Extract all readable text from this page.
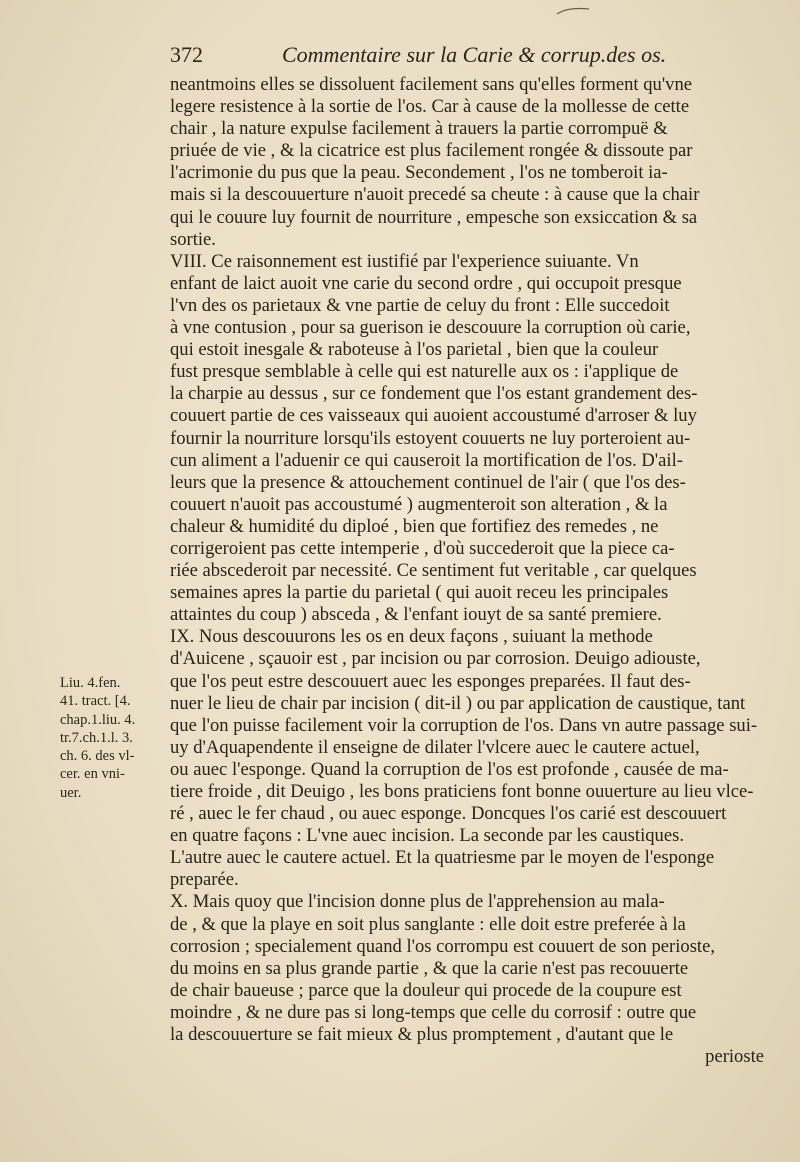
372	Commentaire sur la Carie & corrup.des os.
Liu. 4.fen.
41. tract. [4.
chap.1.liu. 4.
tr.7.ch.1.l. 3.
ch. 6. des vl-
cer. en vni-
uer.
neantmoins elles se dissoluent facilement sans qu'elles forment qu'vne
legere resistence à la sortie de l'os. Car à cause de la mollesse de cette
chair , la nature expulse facilement à trauers la partie corrompuë &
priuée de vie , & la cicatrice est plus facilement rongée & dissoute par
l'acrimonie du pus que la peau. Secondement , l'os ne tomberoit ia-
mais si la descouuerture n'auoit precedé sa cheute : à cause que la chair
qui le couure luy fournit de nourriture , empesche son exsiccation & sa
sortie.
VIII. Ce raisonnement est iustifié par l'experience suiuante. Vn
enfant de laict auoit vne carie du second ordre , qui occupoit presque
l'vn des os parietaux & vne partie de celuy du front : Elle succedoit
à vne contusion , pour sa guerison ie descouure la corruption où carie,
qui estoit inesgale & raboteuse à l'os parietal , bien que la couleur
fust presque semblable à celle qui est naturelle aux os : i'applique de
la charpie au dessus , sur ce fondement que l'os estant grandement des-
couuert partie de ces vaisseaux qui auoient accoustumé d'arroser & luy
fournir la nourriture lorsqu'ils estoyent couuerts ne luy porteroient au-
cun aliment a l'aduenir ce qui causeroit la mortification de l'os. D'ail-
leurs que la presence & attouchement continuel de l'air ( que l'os des-
couuert n'auoit pas accoustumé ) augmenteroit son alteration , & la
chaleur & humidité du diploé , bien que fortifiez des remedes , ne
corrigeroient pas cette intemperie , d'où succederoit que la piece ca-
riée abscederoit par necessité. Ce sentiment fut veritable , car quelques
semaines apres la partie du parietal ( qui auoit receu les principales
attaintes du coup ) absceda , & l'enfant iouyt de sa santé premiere.
IX. Nous descouurons les os en deux façons , suiuant la methode
d'Auicene , sçauoir est , par incision ou par corrosion. Deuigo adiouste,
que l'os peut estre descouuert auec les esponges preparées. Il faut des-
nuer le lieu de chair par incision ( dit-il ) ou par application de caustique, tant
que l'on puisse facilement voir la corruption de l'os. Dans vn autre passage sui-
uy d'Aquapendente il enseigne de dilater l'vlcere auec le cautere actuel,
ou auec l'esponge. Quand la corruption de l'os est profonde , causée de ma-
tiere froide , dit Deuigo , les bons praticiens font bonne ouuerture au lieu vlce-
ré , auec le fer chaud , ou auec esponge. Doncques l'os carié est descouuert
en quatre façons : L'vne auec incision. La seconde par les caustiques.
L'autre auec le cautere actuel. Et la quatriesme par le moyen de l'esponge
preparée.
X. Mais quoy que l'incision donne plus de l'apprehension au mala-
de , & que la playe en soit plus sanglante : elle doit estre preferée à la
corrosion ; specialement quand l'os corrompu est couuert de son perioste,
du moins en sa plus grande partie , & que la carie n'est pas recouuerte
de chair baueuse ; parce que la douleur qui procede de la coupure est
moindre , & ne dure pas si long-temps que celle du corrosif : outre que
la descouuerture se fait mieux & plus promptement , d'autant que le
perioste
